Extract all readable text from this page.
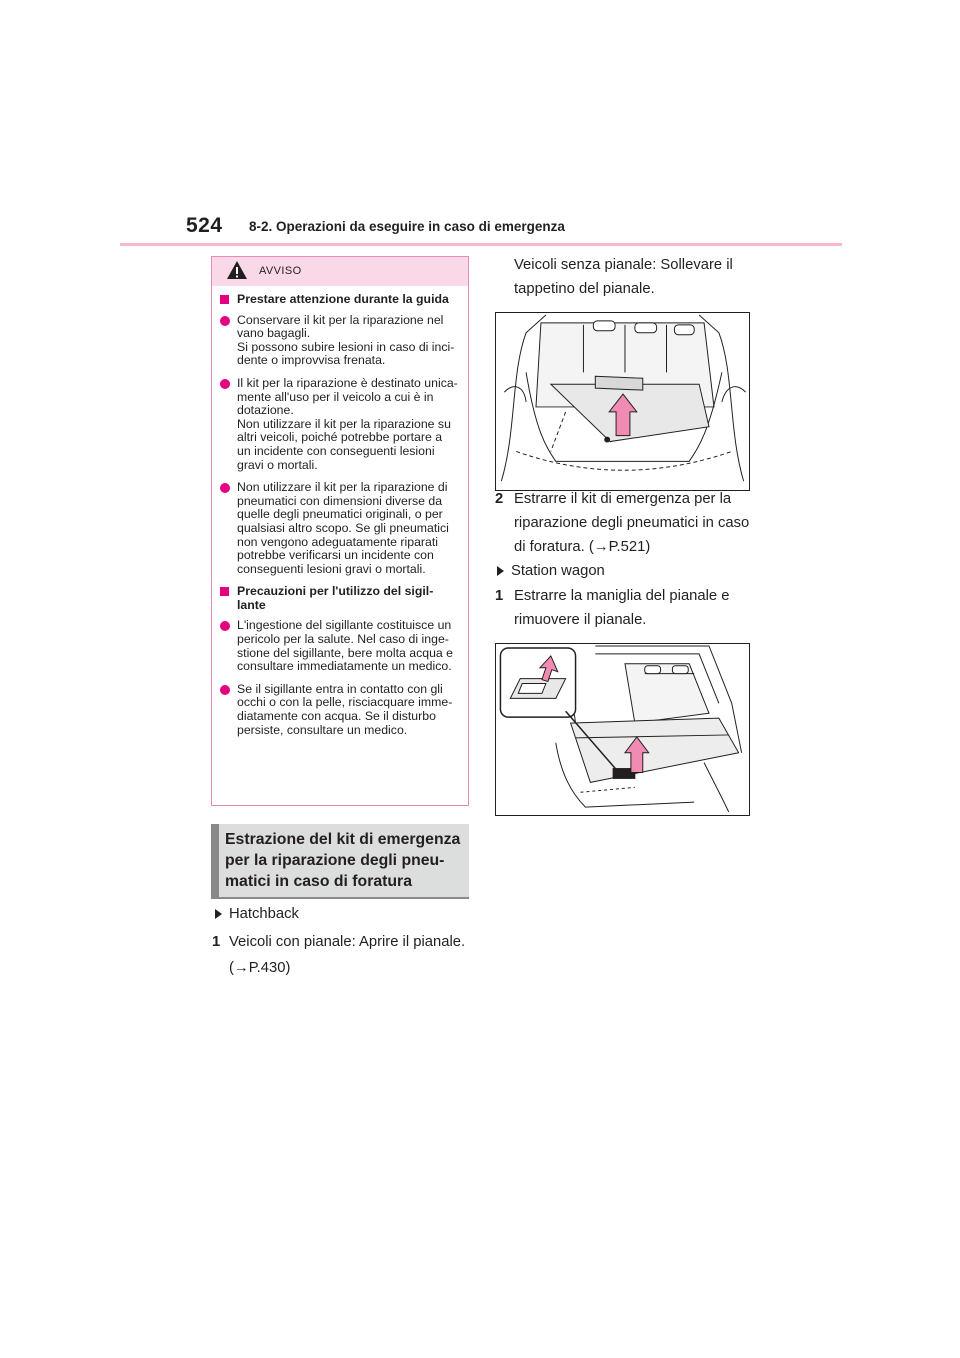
524 8-2. Operazioni da eseguire in caso di emergenza
AVVISO
Prestare attenzione durante la guida
Conservare il kit per la riparazione nel
vano bagagli.
Si possono subire lesioni in caso di inci-
dente o improvvisa frenata.
Il kit per la riparazione è destinato unica-
mente all'uso per il veicolo a cui è in
dotazione.
Non utilizzare il kit per la riparazione su
altri veicoli, poiché potrebbe portare a
un incidente con conseguenti lesioni
gravi o mortali.
Non utilizzare il kit per la riparazione di
pneumatici con dimensioni diverse da
quelle degli pneumatici originali, o per
qualsiasi altro scopo. Se gli pneumatici
non vengono adeguatamente riparati
potrebbe verificarsi un incidente con
conseguenti lesioni gravi o mortali.
Precauzioni per l'utilizzo del sigil-
lante
L'ingestione del sigillante costituisce un
pericolo per la salute. Nel caso di inge-
stione del sigillante, bere molta acqua e
consultare immediatamente un medico.
Se il sigillante entra in contatto con gli
occhi o con la pelle, risciacquare imme-
diatamente con acqua. Se il disturbo
persiste, consultare un medico.
Estrazione del kit di emergenza
per la riparazione degli pneu-
matici in caso di foratura
Hatchback
1 Veicoli con pianale: Aprire il pianale.
(→P.430)
Veicoli senza pianale: Sollevare il
tappetino del pianale.
2 Estrarre il kit di emergenza per la
riparazione degli pneumatici in caso
di foratura. (→P.521)
Station wagon
1 Estrarre la maniglia del pianale e
rimuovere il pianale.
